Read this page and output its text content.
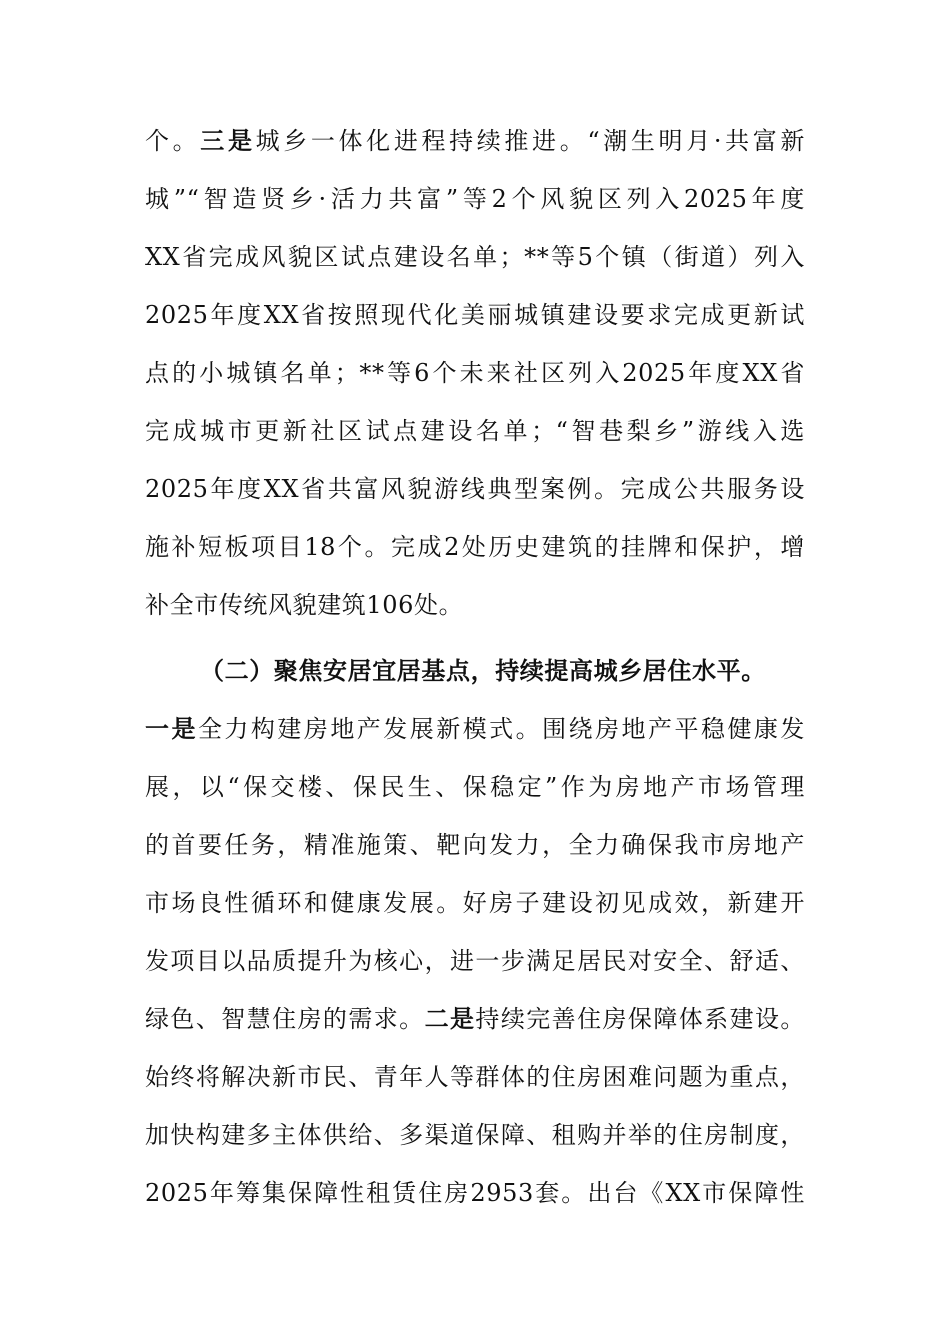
个。三是城乡一体化进程持续推进。“潮生明月·共富新
城”“智造贤乡·活力共富”等2个风貌区列入2025年度
XX省完成风貌区试点建设名单；**等5个镇（街道）列入
2025年度XX省按照现代化美丽城镇建设要求完成更新试
点的小城镇名单；**等6个未来社区列入2025年度XX省
完成城市更新社区试点建设名单；“智巷梨乡”游线入选
2025年度XX省共富风貌游线典型案例。完成公共服务设
施补短板项目18个。完成2处历史建筑的挂牌和保护，增
补全市传统风貌建筑106处。
（二）聚焦安居宜居基点，持续提高城乡居住水平。
一是全力构建房地产发展新模式。围绕房地产平稳健康发
展，以“保交楼、保民生、保稳定”作为房地产市场管理
的首要任务，精准施策、靶向发力，全力确保我市房地产
市场良性循环和健康发展。好房子建设初见成效，新建开
发项目以品质提升为核心，进一步满足居民对安全、舒适、
绿色、智慧住房的需求。二是持续完善住房保障体系建设。
始终将解决新市民、青年人等群体的住房困难问题为重点，
加快构建多主体供给、多渠道保障、租购并举的住房制度，
2025年筹集保障性租赁住房2953套。出台《XX市保障性
